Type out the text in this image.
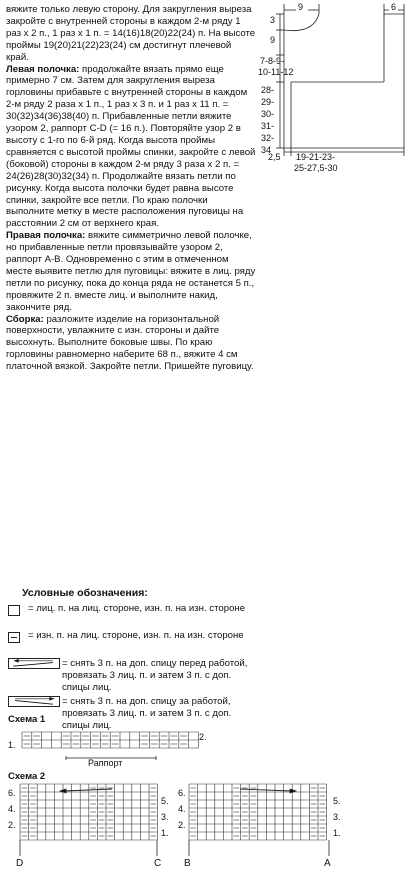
вяжите только левую сторону. Для закругления выреза закройте с внутренней стороны в каждом 2-м ряду 1 раз х 2 п., 1 раз х 1 п. = 14(16)18(20)22(24) п. На высоте проймы 19(20)21(22)23(24) см достигнут плечевой край.

Левая полочка: продолжайте вязать прямо еще примерно 7 см. Затем для закругления выреза горловины прибавьте с внутренней стороны в каждом 2-м ряду 2 раза х 1 п., 1 раз х 3 п. и 1 раз х 11 п. = 30(32)34(36)38(40) п. Прибавленные петли вяжите узором 2, раппорт C-D (= 16 п.). Повторяйте узор 2 в высоту с 1-го по 6-й ряд. Когда высота проймы сравняется с высотой проймы спинки, закройте с левой (боковой) стороны в каждом 2-м ряду 3 раза х 2 п. = 24(26)28(30)32(34) п. Продолжайте вязать петли по рисунку. Когда высота полочки будет равна высоте спинки, закройте все петли. По краю полочки выполните метку в месте расположения пуговицы на расстоянии 2 см от верхнего края.

Правая полочка: вяжите симметрично левой полочке, но прибавленные петли провязывайте узором 2, раппорт A-B. Одновременно с этим в отмеченном месте выявите петлю для пуговицы: вяжите в лиц. ряду петли по рисунку, пока до конца ряда не останется 5 п., провяжите 2 п. вместе лиц. и выполните накид, закончите ряд.

Сборка: разложите изделие на горизонтальной поверхности, увлажните с изн. стороны и дайте высохнуть. Выполните боковые швы. По краю горловины равномерно наберите 68 п., вяжите 4 см платочной вязкой. Закройте петли. Пришейте пуговицу.

9	6
3
9
7-8-9-
10-11-12
28-
29-
30-
31-
32-
34
2,5 19-21-23-
25-27,5-30
Условные обозначения:
= лиц. п. на лиц. стороне, изн. п. на изн. стороне
= изн. п. на лиц. стороне, изн. п. на изн. стороне
= снять 3 п. на доп. спицу перед работой, провязать 3 лиц. п. и затем 3 п. с доп. спицы лиц.
= снять 3 п. на доп. спицу за работой, провязать 3 лиц. п. и затем 3 п. с доп. спицы лиц.
Схема 1
1.
2.
Раппорт
Схема 2
6.
4.
2.
5.
3.
1.
6.
4.
2.
5.
3.
1.
D	C B	A
